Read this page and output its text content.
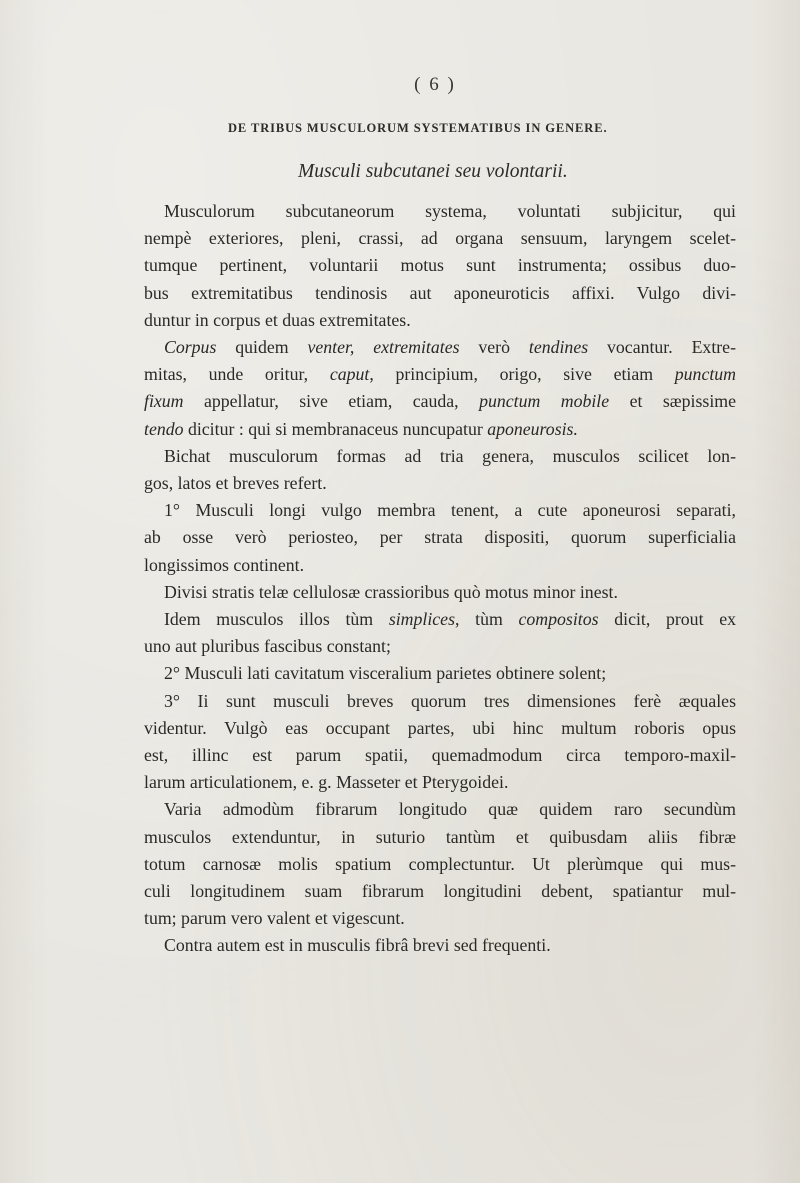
( 6 )
DE TRIBUS MUSCULORUM SYSTEMATIBUS IN GENERE.
Musculi subcutanei seu volontarii.
Musculorum subcutaneorum systema, voluntati subjicitur, qui
nempè exteriores, pleni, crassi, ad organa sensuum, laryngem scelet-
tumque pertinent, voluntarii motus sunt instrumenta; ossibus duo-
bus extremitatibus tendinosis aut aponeuroticis affixi. Vulgo divi-
duntur in corpus et duas extremitates.
Corpus quidem venter, extremitates verò tendines vocantur. Extre-
mitas, unde oritur, caput, principium, origo, sive etiam punctum
fixum appellatur, sive etiam, cauda, punctum mobile et sæpissime
tendo dicitur : qui si membranaceus nuncupatur aponeurosis.
Bichat musculorum formas ad tria genera, musculos scilicet lon-
gos, latos et breves refert.
1° Musculi longi vulgo membra tenent, a cute aponeurosi separati,
ab osse verò periosteo, per strata dispositi, quorum superficialia
longissimos continent.
Divisi stratis telæ cellulosæ crassioribus quò motus minor inest.
Idem musculos illos tùm simplices, tùm compositos dicit, prout ex
uno aut pluribus fascibus constant;
2° Musculi lati cavitatum visceralium parietes obtinere solent;
3° Ii sunt musculi breves quorum tres dimensiones ferè æquales
videntur. Vulgò eas occupant partes, ubi hinc multum roboris opus
est, illinc est parum spatii, quemadmodum circa temporo-maxil-
larum articulationem, e. g. Masseter et Pterygoidei.
Varia admodùm fibrarum longitudo quæ quidem raro secundùm
musculos extenduntur, in suturio tantùm et quibusdam aliis fibræ
totum carnosæ molis spatium complectuntur. Ut plerùmque qui mus-
culi longitudinem suam fibrarum longitudini debent, spatiantur mul-
tum; parum vero valent et vigescunt.
Contra autem est in musculis fibrâ brevi sed frequenti.
